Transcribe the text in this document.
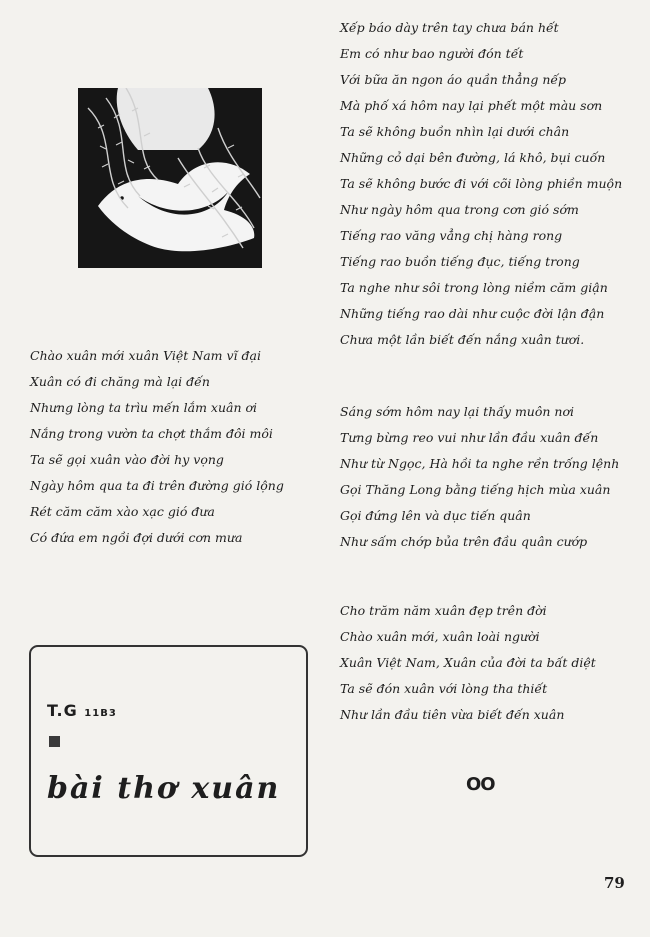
Xếp báo dày trên tay chưa bán hết

Em có như bao người đón tết

Với bữa ăn ngon áo quần thẳng nếp

Mà phố xá hôm nay lại phết một màu sơn

Ta sẽ không buồn nhìn lại dưới chân

Những cỏ dại bên đường, lá khô, bụi cuốn

Ta sẽ không bước đi với cõi lòng phiền muộn

Như ngày hôm qua trong cơn gió sớm

Tiếng rao văng vẳng chị hàng rong

Tiếng rao buồn tiếng đục, tiếng trong

Ta nghe như sôi trong lòng niềm căm giận

Những tiếng rao dài như cuộc đời lận đận

Chưa một lần biết đến nắng xuân tươi.

Sáng sớm hôm nay lại thấy muôn nơi

Tưng bừng reo vui như lần đầu xuân đến

Như từ Ngọc, Hà hồi ta nghe rền trống lệnh

Gọi Thăng Long bằng tiếng hịch mùa xuân

Gọi đứng lên và dục tiến quân

Như sấm chớp bủa trên đầu quân cướp

Cho trăm năm xuân đẹp trên đời

Chào xuân mới, xuân loài người

Xuân Việt Nam, Xuân của đời ta bất diệt

Ta sẽ đón xuân với lòng tha thiết

Như lần đầu tiên vừa biết đến xuân

Chào xuân mới xuân Việt Nam vĩ đại

Xuân có đi chăng mà lại đến

Nhưng lòng ta trìu mến lắm xuân ơi

Nắng trong vườn ta chợt thắm đôi môi

Ta sẽ gọi xuân vào đời hy vọng

Ngày hôm qua ta đi trên đường gió lộng

Rét căm căm xào xạc gió đưa

Có đứa em ngồi đợi dưới cơn mưa

T.G 11B3
bài thơ xuân	OO
79
